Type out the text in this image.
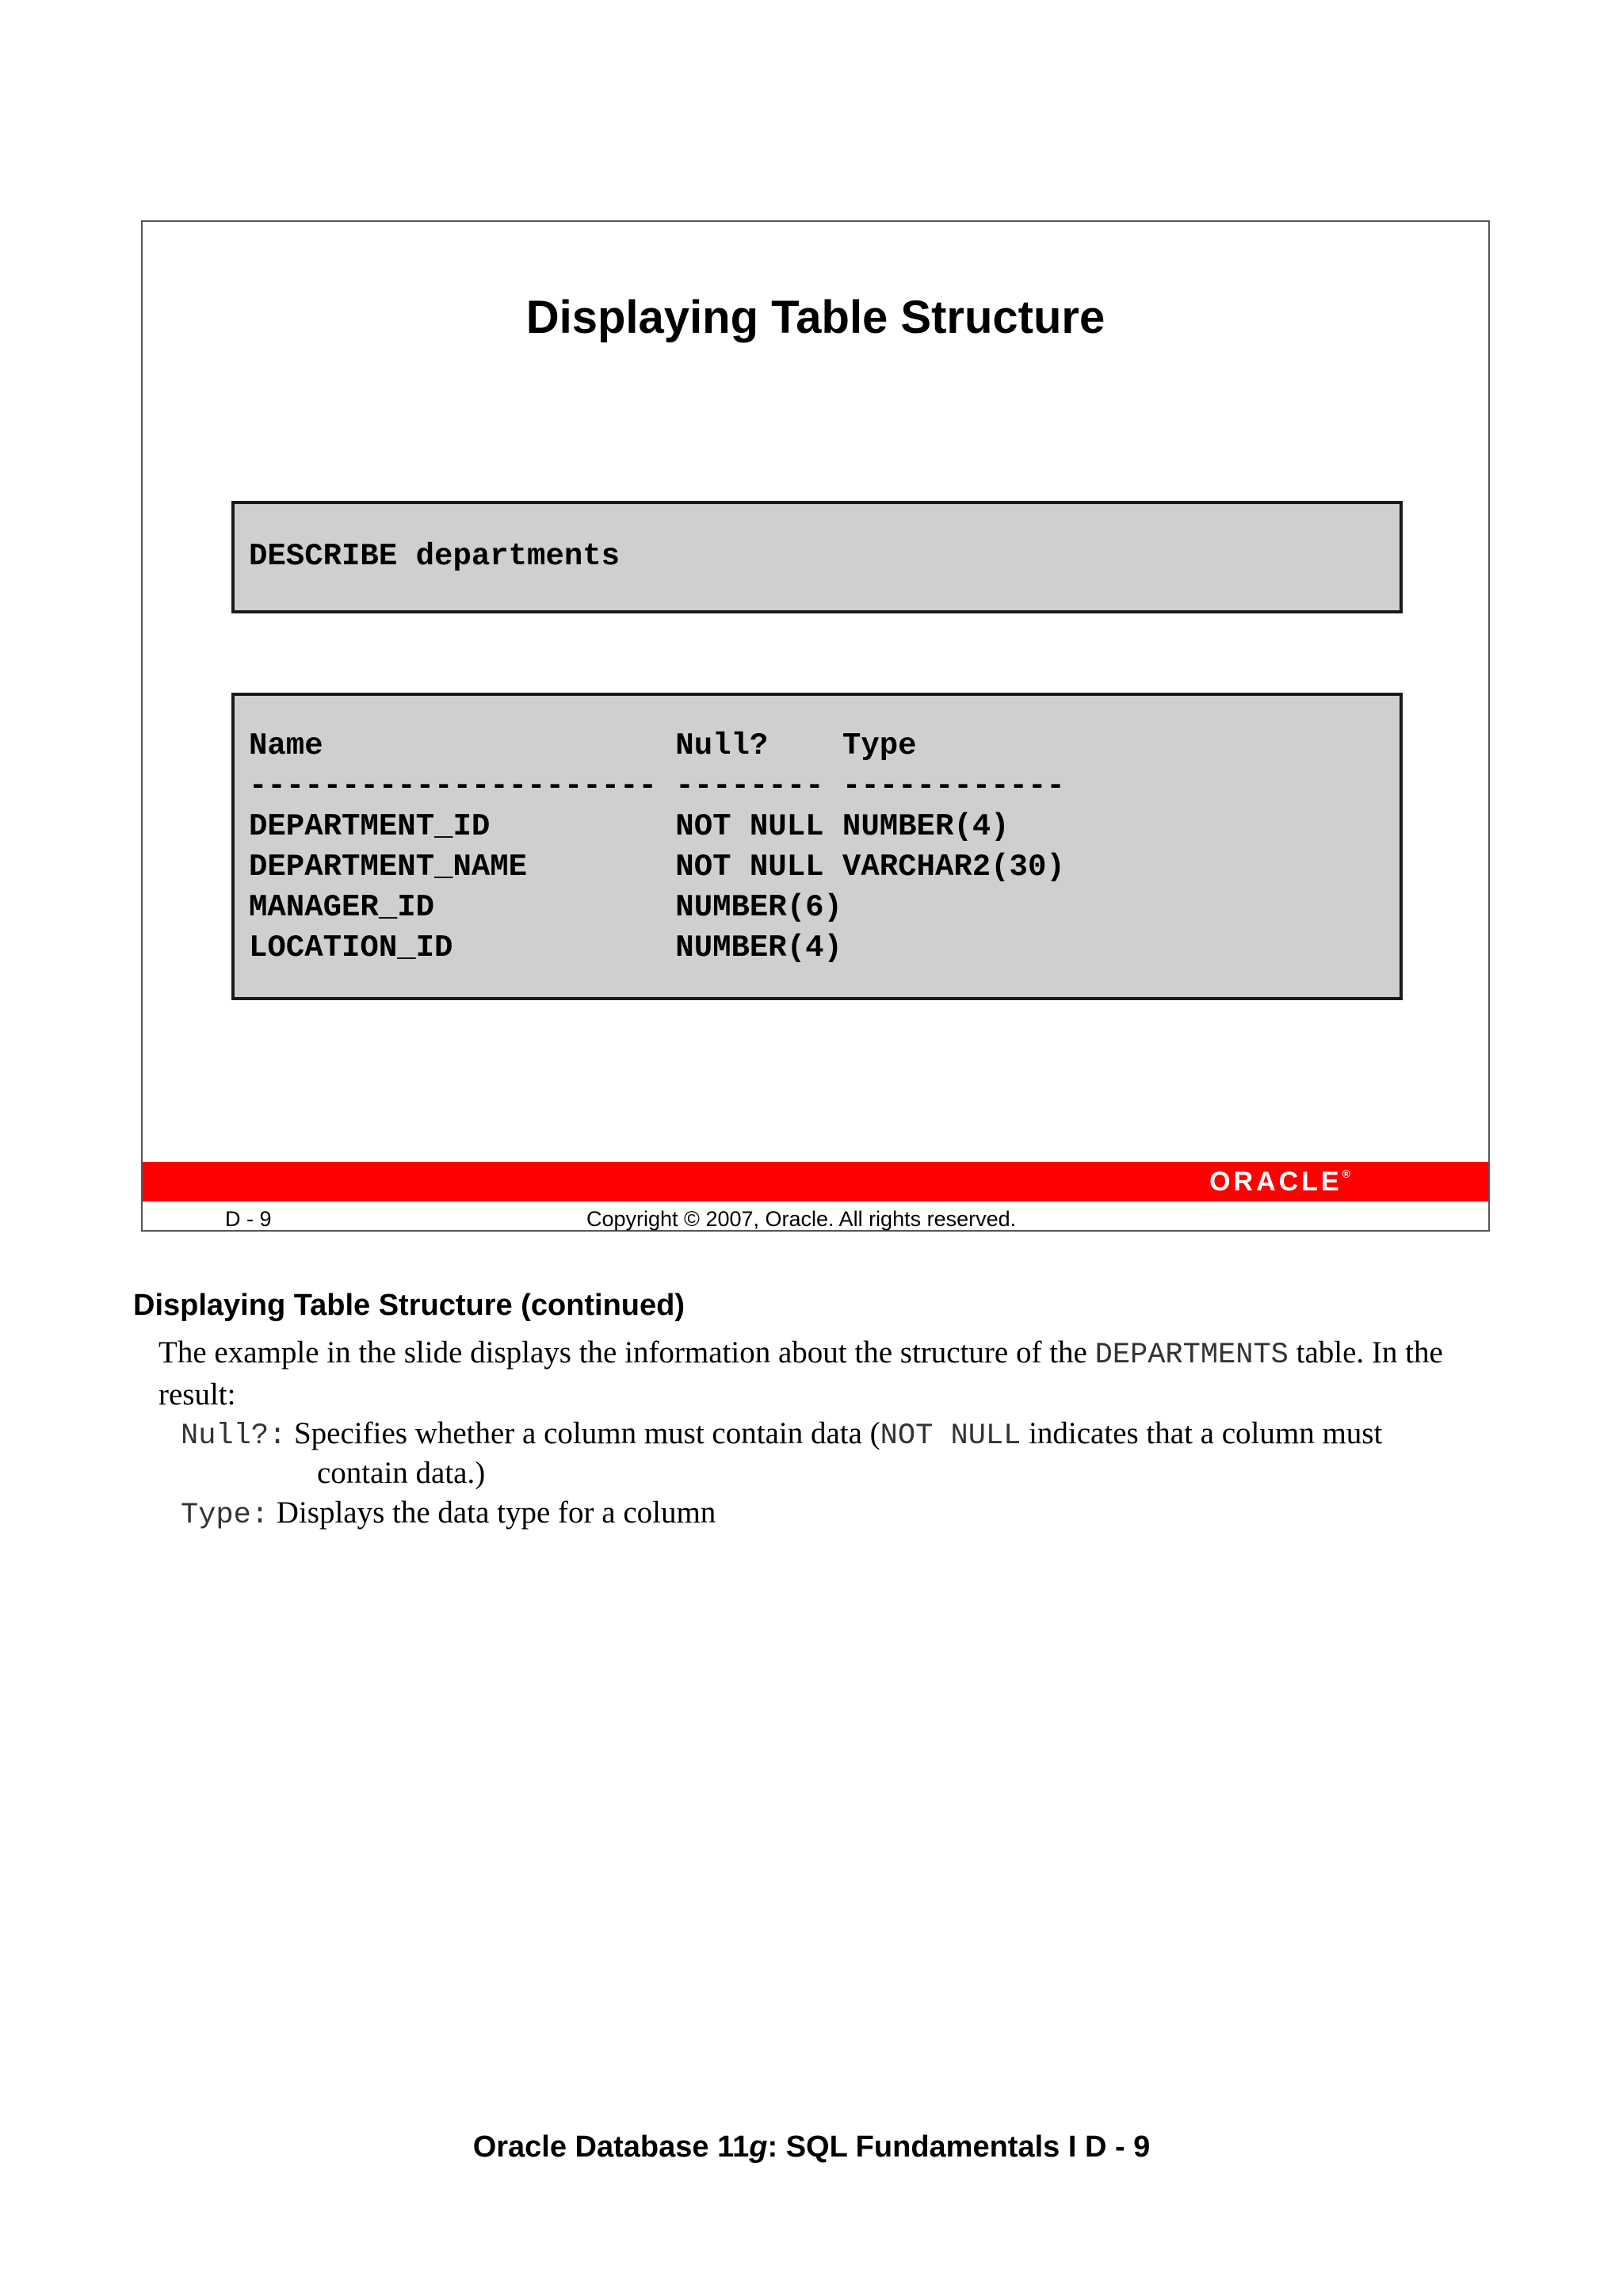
Displaying Table Structure
DESCRIBE departments
Name                   Null?    Type
---------------------- -------- ------------
DEPARTMENT_ID          NOT NULL NUMBER(4)
DEPARTMENT_NAME        NOT NULL VARCHAR2(30)
MANAGER_ID             NUMBER(6)
LOCATION_ID            NUMBER(4)
ORACLE®
D - 9	Copyright © 2007, Oracle. All rights reserved.
Displaying Table Structure (continued)
The example in the slide displays the information about the structure of the DEPARTMENTS table. In the result:
Null?: Specifies whether a column must contain data (NOT NULL indicates that a column must
contain data.)
Type: Displays the data type for a column
Oracle Database 11g: SQL Fundamentals I D - 9
